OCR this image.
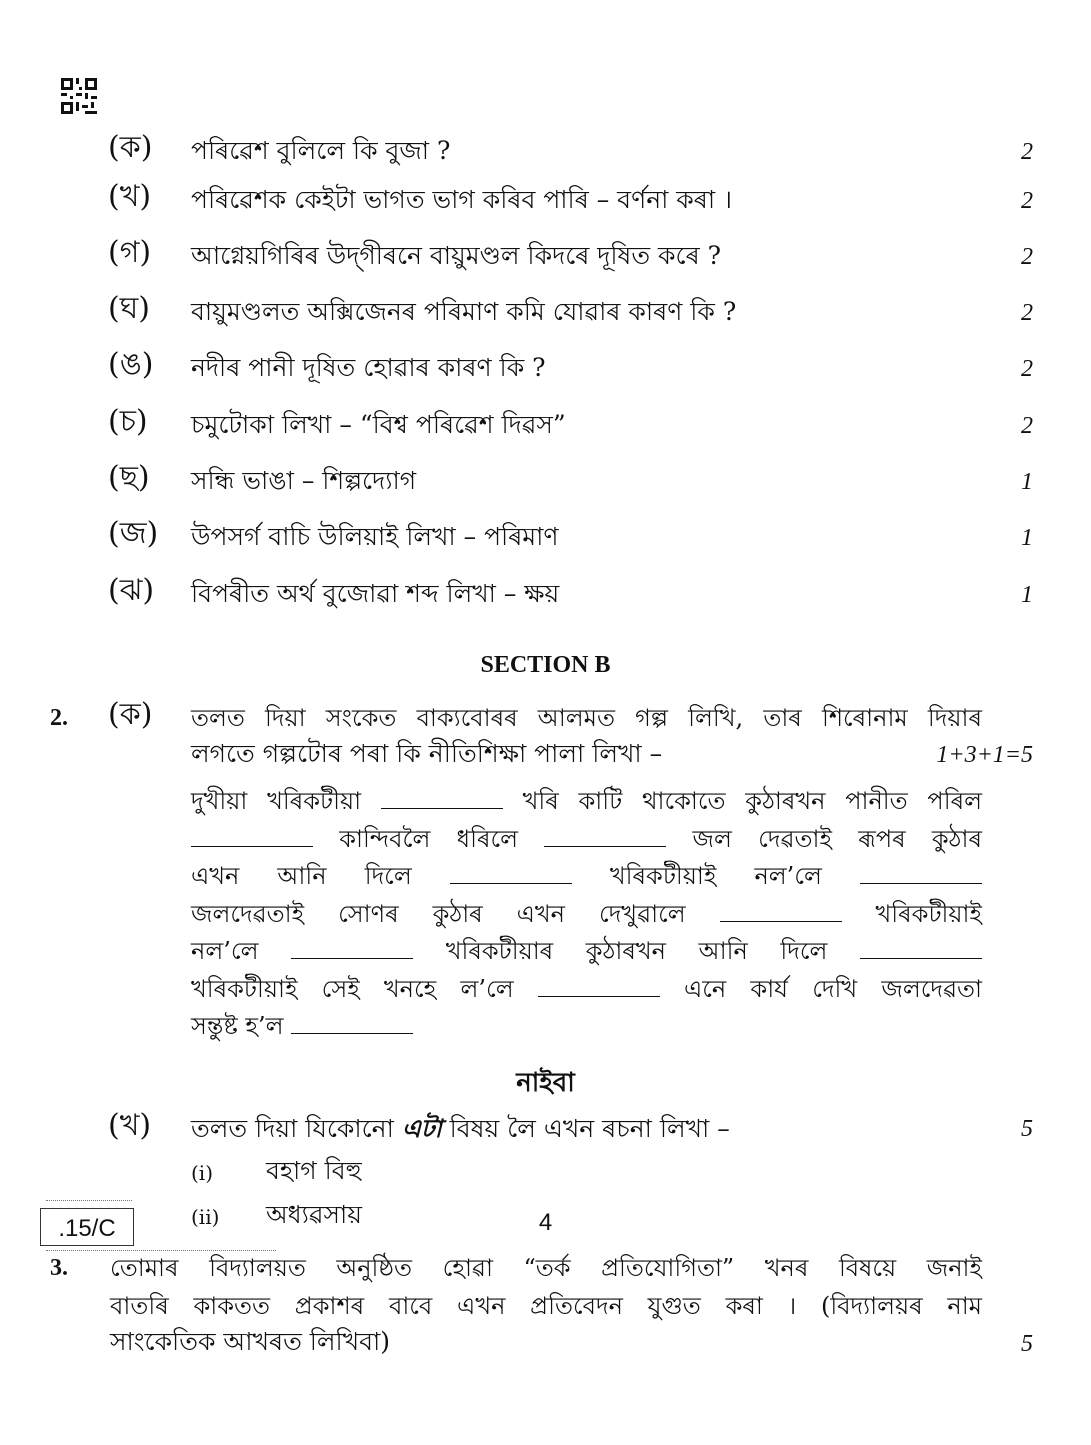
(ক) পৰিৱেশ বুলিলে কি বুজা ?	2
(খ) পৰিৱেশক কেইটা ভাগত ভাগ কৰিব পাৰি – বৰ্ণনা কৰা ।	2
(গ) আগ্নেয়গিৰিৰ উদ্‌গীৰনে বায়ুমণ্ডল কিদৰে দূষিত কৰে ?	2
(ঘ) বায়ুমণ্ডলত অক্সিজেনৰ পৰিমাণ কমি যোৱাৰ কাৰণ কি ?	2
(ঙ) নদীৰ পানী দূষিত হোৱাৰ কাৰণ কি ?	2
(চ) চমুটোকা লিখা – “বিশ্ব পৰিৱেশ দিৱস”	2
(ছ) সন্ধি ভাঙা – শিল্পদ্যোগ	1
(জ) উপসৰ্গ বাচি উলিয়াই লিখা – পৰিমাণ	1
(ঝ) বিপৰীত অৰ্থ বুজোৱা শব্দ লিখা – ক্ষয়	1
SECTION B
2. (ক) তলত দিয়া সংকেত বাক্যবোৰৰ আলমত গল্প লিখি, তাৰ শিৰোনাম দিয়াৰ
লগতে গল্পটোৰ পৰা কি নীতিশিক্ষা পালা লিখা –	1+3+1=5
দুখীয়া খৰিকটীয়া	খৰি কাটি থাকোতে কুঠাৰখন পানীত পৰিল
কান্দিবলৈ ধৰিলে	জল দেৱতাই ৰূপৰ কুঠাৰ
এখন আনি দিলে	খৰিকটীয়াই নল’লে
জলদেৱতাই সোণৰ কুঠাৰ এখন দেখুৱালে	খৰিকটীয়াই
নল’লে	খৰিকটীয়াৰ কুঠাৰখন আনি দিলে
খৰিকটীয়াই সেই খনহে ল’লে	এনে কাৰ্য দেখি জলদেৱতা
সন্তুষ্ট হ’ল
নাইবা
(খ) তলত দিয়া যিকোনো এটা বিষয় লৈ এখন ৰচনা লিখা –	5
(i) বহাগ বিহু
(ii) অধ্যৱসায়
3. তোমাৰ বিদ্যালয়ত অনুষ্ঠিত হোৱা “তৰ্ক প্ৰতিযোগিতা” খনৰ বিষয়ে জনাই
বাতৰি কাকতত প্ৰকাশৰ বাবে এখন প্ৰতিবেদন যুগুত কৰা । (বিদ্যালয়ৰ নাম
সাংকেতিক আখৰত লিখিবা)	5
.15/C	4
